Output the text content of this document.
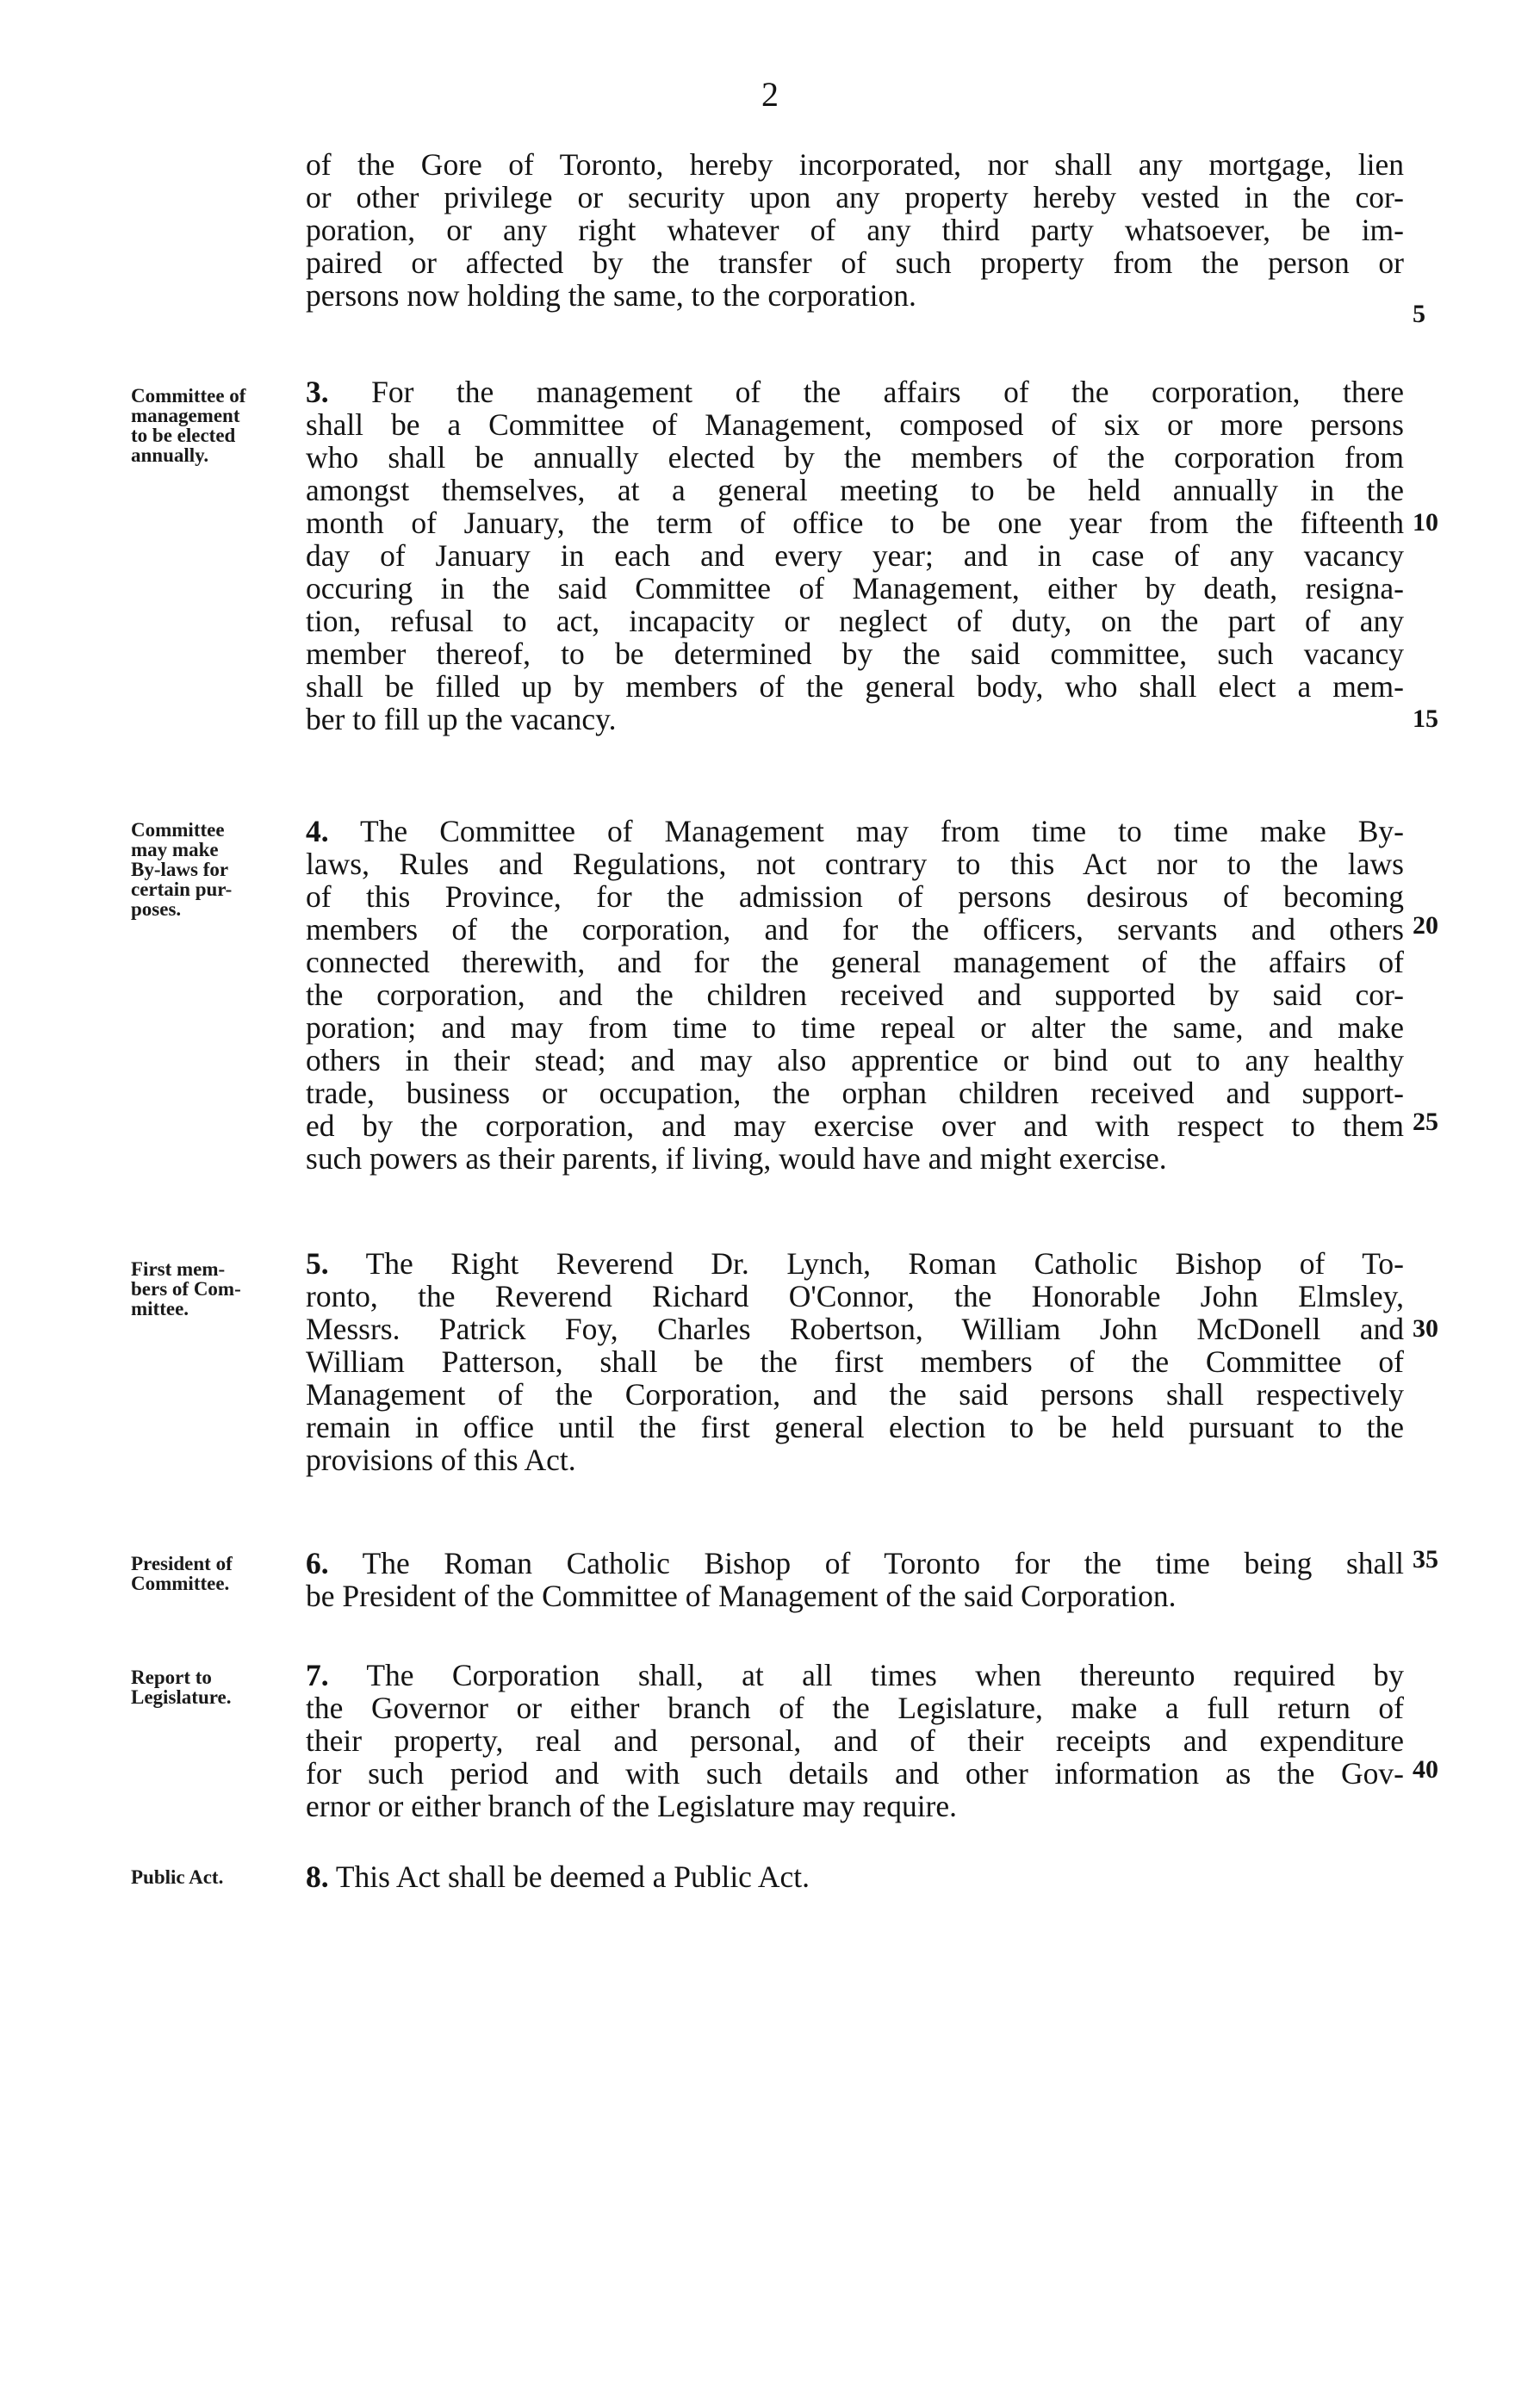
2
of the Gore of Toronto, hereby incorporated, nor shall any mortgage, lien
or other privilege or security upon any property hereby vested in the cor-
poration, or any right whatever of any third party whatsoever, be im-
paired or affected by the transfer of such property from the person or
persons now holding the same, to the corporation.
Committee of
management
to be elected
annually.
3. For the management of the affairs of the corporation, there
shall be a Committee of Management, composed of six or more persons
who shall be annually elected by the members of the corporation from
amongst themselves, at a general meeting to be held annually in the
month of January, the term of office to be one year from the fifteenth
day of January in each and every year; and in case of any vacancy
occuring in the said Committee of Management, either by death, resigna-
tion, refusal to act, incapacity or neglect of duty, on the part of any
member thereof, to be determined by the said committee, such vacancy
shall be filled up by members of the general body, who shall elect a mem-
ber to fill up the vacancy.
Committee
may make
By-laws for
certain pur-
poses.
4. The Committee of Management may from time to time make By-
laws, Rules and Regulations, not contrary to this Act nor to the laws
of this Province, for the admission of persons desirous of becoming
members of the corporation, and for the officers, servants and others
connected therewith, and for the general management of the affairs of
the corporation, and the children received and supported by said cor-
poration; and may from time to time repeal or alter the same, and make
others in their stead; and may also apprentice or bind out to any healthy
trade, business or occupation, the orphan children received and support-
ed by the corporation, and may exercise over and with respect to them
such powers as their parents, if living, would have and might exercise.
First mem-
bers of Com-
mittee.
5. The Right Reverend Dr. Lynch, Roman Catholic Bishop of To-
ronto, the Reverend Richard O'Connor, the Honorable John Elmsley,
Messrs. Patrick Foy, Charles Robertson, William John McDonell and
William Patterson, shall be the first members of the Committee of
Management of the Corporation, and the said persons shall respectively
remain in office until the first general election to be held pursuant to the
provisions of this Act.
President of
Committee.
6. The Roman Catholic Bishop of Toronto for the time being shall
be President of the Committee of Management of the said Corporation.
Report to
Legislature.
7. The Corporation shall, at all times when thereunto required by
the Governor or either branch of the Legislature, make a full return of
their property, real and personal, and of their receipts and expenditure
for such period and with such details and other information as the Gov-
ernor or either branch of the Legislature may require.
Public Act.	8. This Act shall be deemed a Public Act.
5
10
15
20
25
30
35
40
